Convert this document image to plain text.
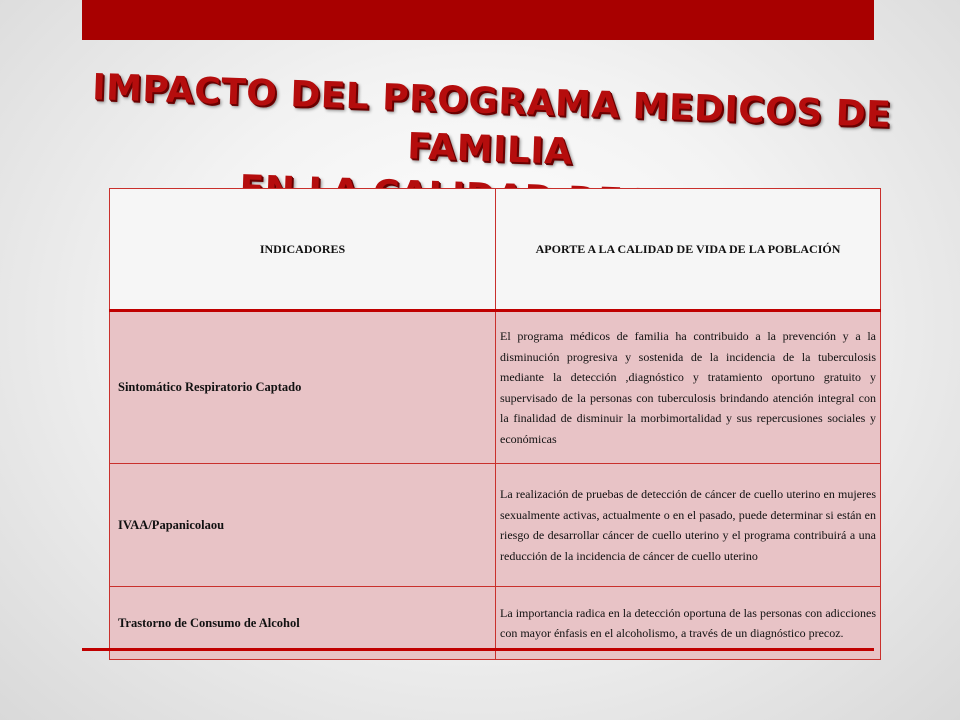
IMPACTO DEL PROGRAMA MEDICOS DE FAMILIA
INDICADORES	APORTE A LA CALIDAD DE VIDA DE LA POBLACIÓN
Sintomático Respiratorio Captado	El programa médicos de familia ha contribuido a la prevención y a la disminución progresiva y sostenida de la incidencia de la tuberculosis mediante la detección ,diagnóstico y tratamiento oportuno gratuito y supervisado de la personas con tuberculosis brindando atención integral con la finalidad de disminuir la morbimortalidad y sus repercusiones sociales y económicas
IVAA/Papanicolaou	La realización de pruebas de detección de cáncer de cuello uterino en mujeres sexualmente activas, actualmente o en el pasado, puede determinar si están en riesgo de desarrollar cáncer de cuello uterino y el programa contribuirá a una reducción de la incidencia de cáncer de cuello uterino
Trastorno de Consumo de Alcohol	La importancia radica en la detección oportuna de las personas con adicciones con mayor énfasis en el alcoholismo, a través de un diagnóstico precoz.
